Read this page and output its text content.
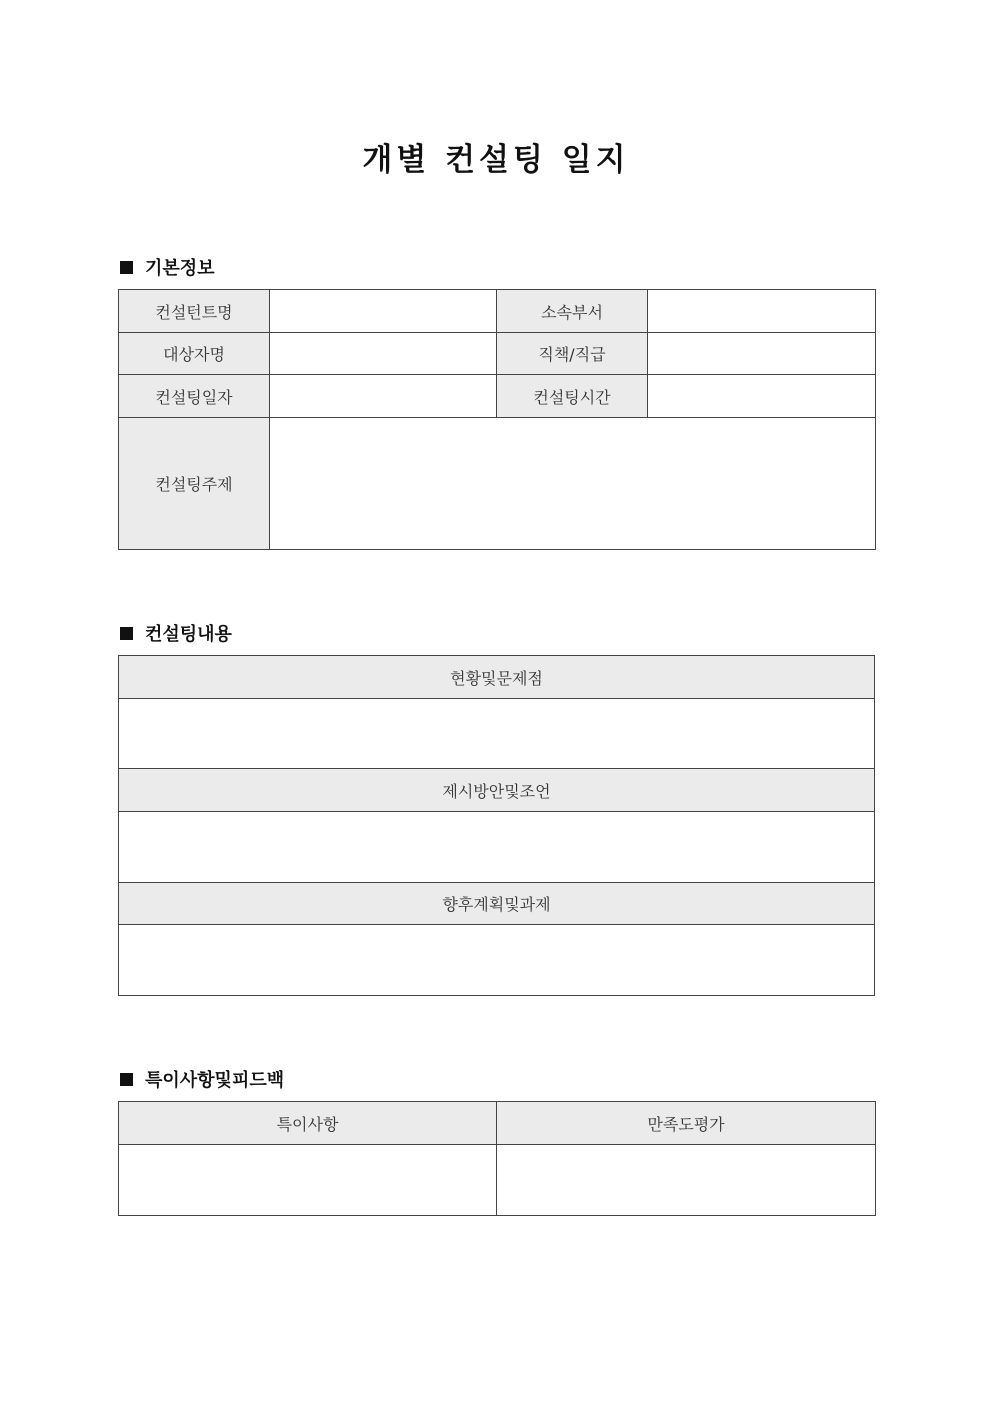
개별 컨설팅 일지
기본정보
컨설턴트명		소속부서	
대상자명		직책/직급	
컨설팅일자		컨설팅시간	
컨설팅주제			
컨설팅내용
현황및문제점

제시방안및조언

향후계획및과제

특이사항및피드백
특이사항	만족도평가
